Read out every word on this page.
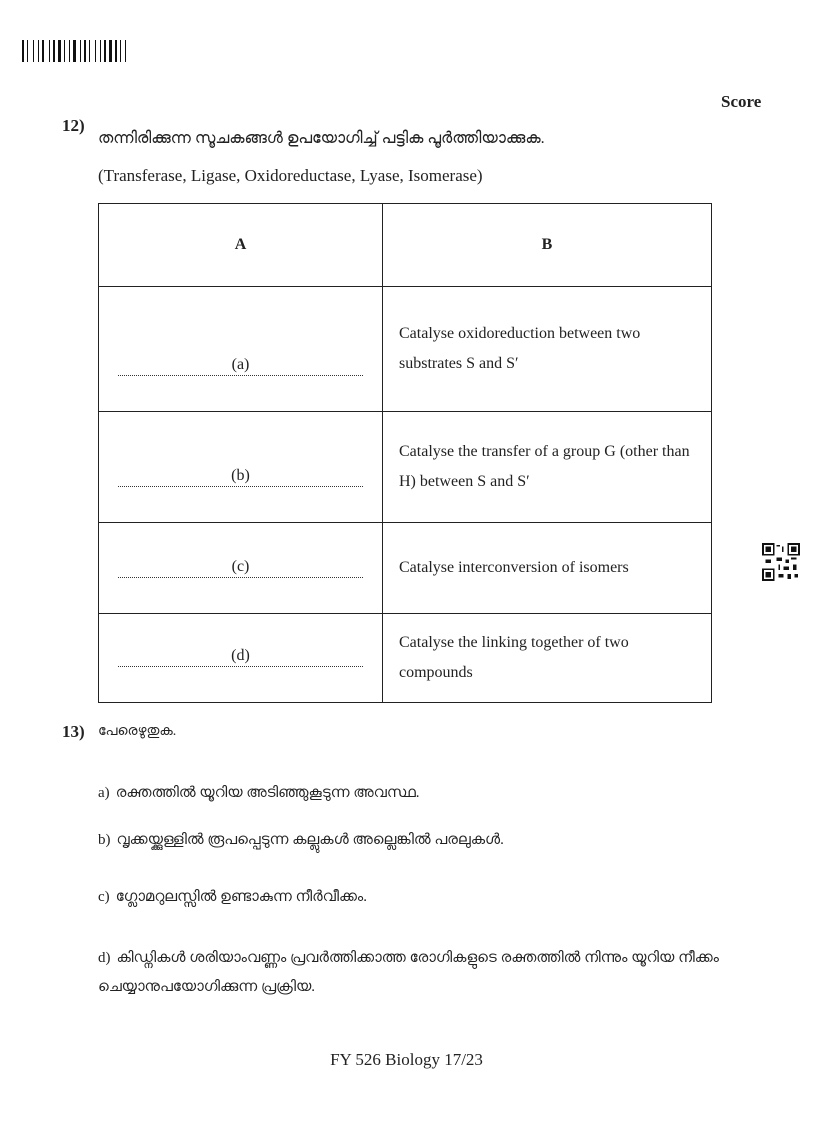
Score
12)
തന്നിരിക്കുന്ന സൂചകങ്ങൾ ഉപയോഗിച്ച് പട്ടിക പൂർത്തിയാക്കുക.
(Transferase, Ligase, Oxidoreductase, Lyase, Isomerase)
A	B

(a)	Catalyse oxidoreduction between two substrates S and S′

(b)	Catalyse the transfer of a group G (other than H) between S and S′

(c)	Catalyse interconversion of isomers

(d)	Catalyse the linking together of two compounds
13) പേരെഴുതുക.
a) രക്തത്തിൽ യൂറിയ അടിഞ്ഞുകൂടുന്ന അവസ്ഥ.
b) വൃക്കയ്ക്കുള്ളിൽ രൂപപ്പെടുന്ന കല്ലുകൾ അല്ലെങ്കിൽ പരലുകൾ.
c) ഗ്ലോമറുലസ്സിൽ ഉണ്ടാകുന്ന നീർവീക്കം.
d) കിഡ്നികൾ ശരിയാംവണ്ണം പ്രവർത്തിക്കാത്ത രോഗികളുടെ രക്തത്തിൽ നിന്നും യൂറിയ നീക്കം ചെയ്യാനുപയോഗിക്കുന്ന പ്രക്രിയ.
FY 526 Biology 17/23
